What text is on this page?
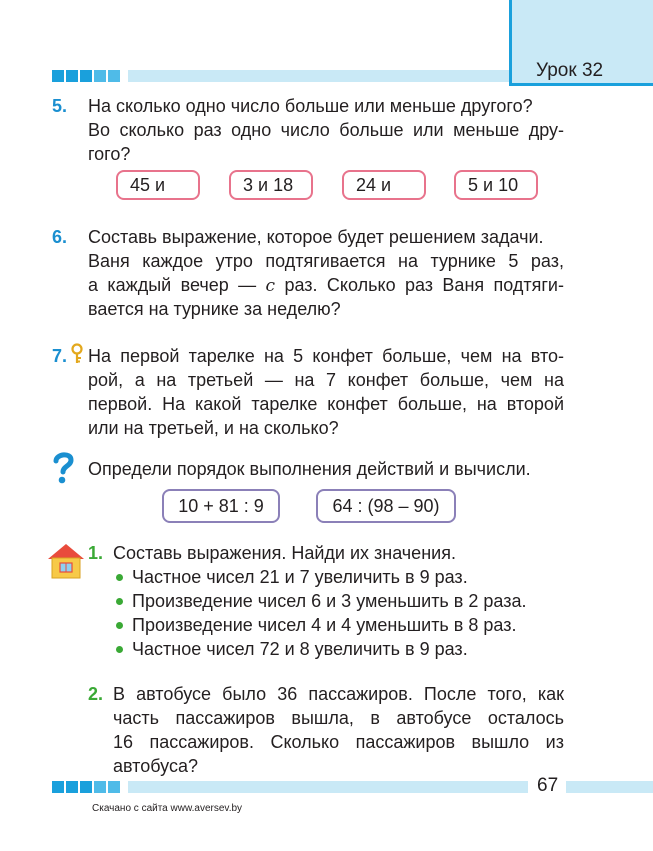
Урок 32
5. На сколько одно число больше или меньше другого?
Во сколько раз одно число больше или меньше дру-
гого?
45 и	3 и 18	24 и	5 и 10
6. Составь выражение, которое будет решением задачи.
Ваня каждое утро подтягивается на турнике 5 раз,
а каждый вечер — c раз. Сколько раз Ваня подтяги-
вается на турнике за неделю?
7. На первой тарелке на 5 конфет больше, чем на вто-
рой, а на третьей — на 7 конфет больше, чем на
первой. На какой тарелке конфет больше, на второй
или на третьей, и на сколько?
Определи порядок выполнения действий и вычисли.
10 + 81 : 9	64 : (98 – 90)
1. Составь выражения. Найди их значения.
Частное чисел 21 и 7 увеличить в 9 раз.
Произведение чисел 6 и 3 уменьшить в 2 раза.
Произведение чисел 4 и 4 уменьшить в 8 раз.
Частное чисел 72 и 8 увеличить в 9 раз.
2. В автобусе было 36 пассажиров. После того, как
часть пассажиров вышла, в автобусе осталось
16 пассажиров. Сколько пассажиров вышло из
автобуса?
67
Скачано с сайта www.aversev.by
